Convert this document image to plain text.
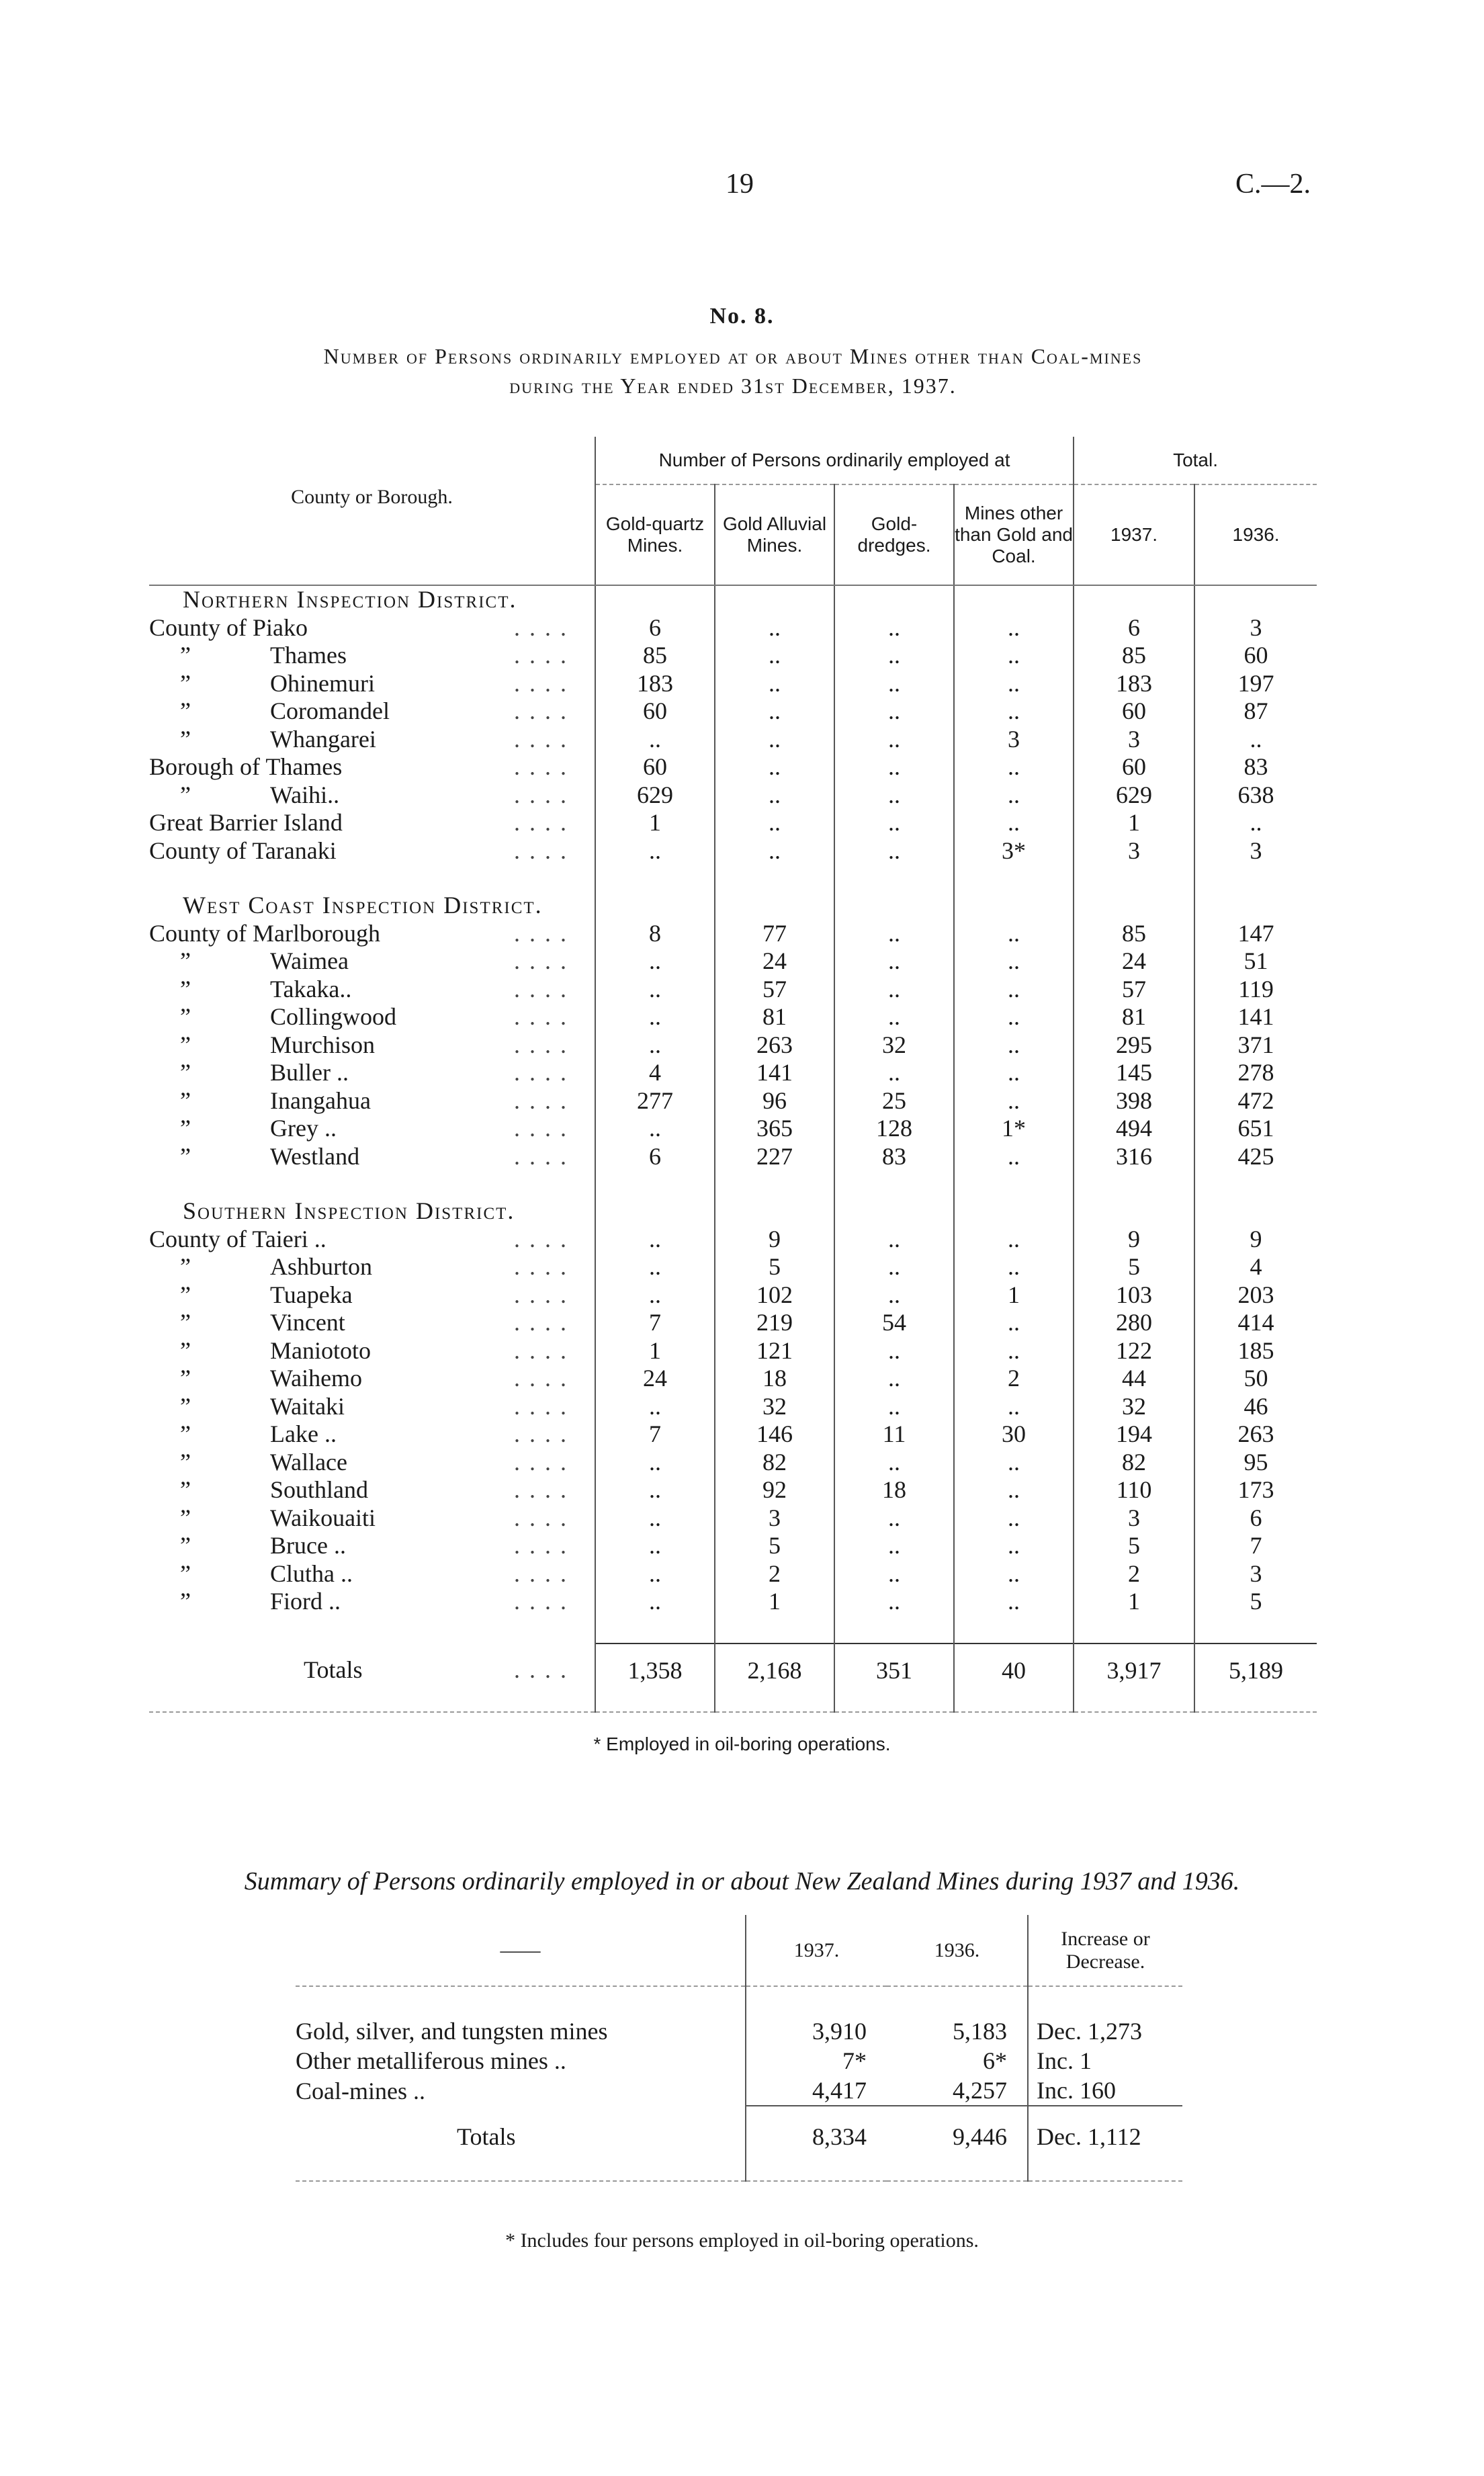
19	C.—2.
No. 8.
Number of Persons ordinarily employed at or about Mines other than Coal-mines
during the Year ended 31st December, 1937.
County or Borough.	Number of Persons ordinarily employed at				Total.	
	Gold-quartz Mines.	Gold Alluvial Mines.	Gold-dredges.	Mines other than Gold and Coal.	1937.	1936.
Northern Inspection District.						
County of Piako ....	6	..	..	..	6	3

” Thames ....	85	..	..	..	85	60

” Ohinemuri ....	183	..	..	..	183	197

” Coromandel ....	60	..	..	..	60	87

” Whangarei ....	..	..	..	3	3	..
Borough of Thames ....	60	..	..	..	60	83

” Waihi.. ....	629	..	..	..	629	638
Great Barrier Island ....	1	..	..	..	1	..
County of Taranaki ....	..	..	..	3*	3	3

West Coast Inspection District.						
County of Marlborough ....	8	77	..	..	85	147

” Waimea ....	..	24	..	..	24	51

” Takaka.. ....	..	57	..	..	57	119

” Collingwood ....	..	81	..	..	81	141

” Murchison ....	..	263	32	..	295	371

” Buller .. ....	4	141	..	..	145	278

” Inangahua ....	277	96	25	..	398	472

” Grey .. ....	..	365	128	1*	494	651

” Westland ....	6	227	83	..	316	425

Southern Inspection District.						
County of Taieri .. ....	..	9	..	..	9	9

” Ashburton ....	..	5	..	..	5	4

” Tuapeka ....	..	102	..	1	103	203

” Vincent ....	7	219	54	..	280	414

” Maniototo ....	1	121	..	..	122	185

” Waihemo ....	24	18	..	2	44	50

” Waitaki ....	..	32	..	..	32	46

” Lake .. ....	7	146	11	30	194	263

” Wallace ....	..	82	..	..	82	95

” Southland ....	..	92	18	..	110	173

” Waikouaiti ....	..	3	..	..	3	6

” Bruce .. ....	..	5	..	..	5	7

” Clutha .. ....	..	2	..	..	2	3

” Fiord .. ....	..	1	..	..	1	5

Totals ....	1,358	2,168	351	40	3,917	5,189

* Employed in oil-boring operations.
Summary of Persons ordinarily employed in or about New Zealand Mines during 1937 and 1936.
——	1937.	1936.	Increase or Decrease.

Gold, silver, and tungsten mines	3,910	5,183	Dec. 1,273
Other metalliferous mines ..	7*	6*	Inc. 1
Coal-mines ..	4,417	4,257	Inc. 160
Totals	8,334	9,446	Dec. 1,112

* Includes four persons employed in oil-boring operations.
